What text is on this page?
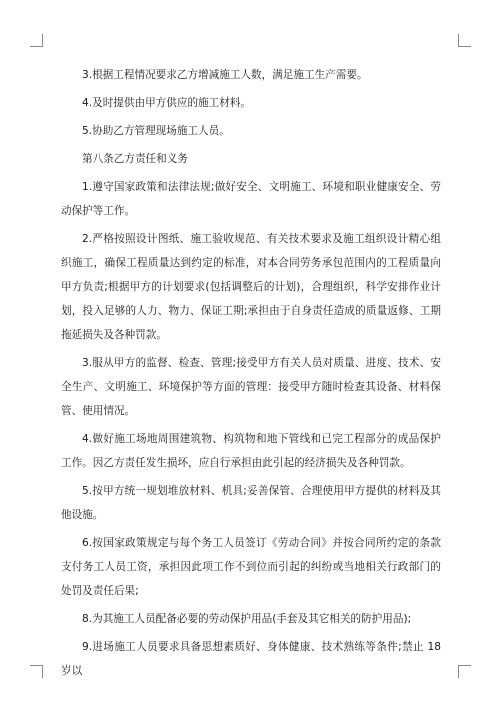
3.根据工程情况要求乙方增减施工人数，满足施工生产需要。

4.及时提供由甲方供应的施工材料。

5.协助乙方管理现场施工人员。

第八条乙方责任和义务

1.遵守国家政策和法律法规;做好安全、文明施工、环境和职业健康安全、劳动保护等工作。

2.严格按照设计图纸、施工验收规范、有关技术要求及施工组织设计精心组织施工，确保工程质量达到约定的标准，对本合同劳务承包范围内的工程质量向甲方负责;根据甲方的计划要求(包括调整后的计划)，合理组织，科学安排作业计划，投入足够的人力、物力、保证工期;承担由于自身责任造成的质量返修、工期拖延损失及各种罚款。

3.服从甲方的监督、检查、管理;接受甲方有关人员对质量、进度、技术、安全生产、文明施工、环境保护等方面的管理：接受甲方随时检查其设备、材料保管、使用情况。

4.做好施工场地周围建筑物、构筑物和地下管线和已完工程部分的成品保护工作。因乙方责任发生损坏，应自行承担由此引起的经济损失及各种罚款。

5.按甲方统一规划堆放材料、机具;妥善保管、合理使用甲方提供的材料及其他设施。

6.按国家政策规定与每个务工人员签订《劳动合同》并按合同所约定的条款支付务工人员工资，承担因此项工作不到位而引起的纠纷或当地相关行政部门的处罚及责任后果;

8.为其施工人员配备必要的劳动保护用品(手套及其它相关的防护用品);

9.进场施工人员要求具备思想素质好、身体健康、技术熟练等条件;禁止 18 岁以
